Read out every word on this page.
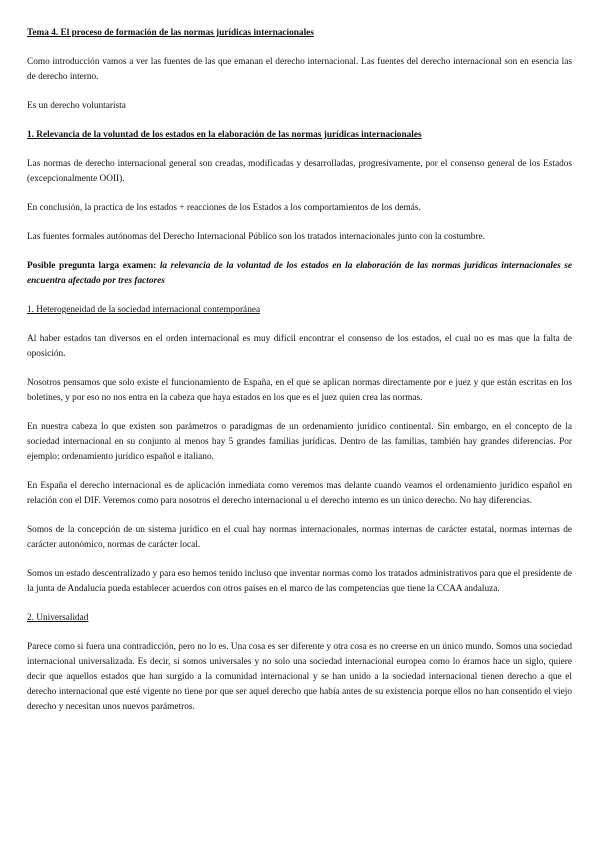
Tema 4. El proceso de formación de las normas jurídicas internacionales

Como introducción vamos a ver las fuentes de las que emanan el derecho internacional. Las fuentes del derecho internacional son en esencia las de derecho interno.

Es un derecho voluntarista

1. Relevancia de la voluntad de los estados en la elaboración de las normas jurídicas internacionales

Las normas de derecho internacional general son creadas, modificadas y desarrolladas, progresivamente, por el consenso general de los Estados (excepcionalmente OOII).

En conclusión, la practica de los estados + reacciones de los Estados a los comportamientos de los demás.

Las fuentes formales autónomas del Derecho Internacional Público son los tratados internacionales junto con la costumbre.

Posible pregunta larga examen: la relevancia de la voluntad de los estados en la elaboración de las normas jurídicas internacionales se encuentra afectado por tres factores

1. Heterogeneidad de la sociedad internacional contemporánea

Al haber estados tan diversos en el orden internacional es muy difícil encontrar el consenso de los estados, el cual no es mas que la falta de oposición.

Nosotros pensamos que solo existe el funcionamiento de España, en el que se aplican normas directamente por e juez y que están escritas en los boletines, y por eso no nos entra en la cabeza que haya estados en los que es el juez quien crea las normas.

En nuestra cabeza lo que existen son parámetros o paradigmas de un ordenamiento jurídico continental. Sin embargo, en el concepto de la sociedad internacional en su conjunto al menos hay 5 grandes familias jurídicas. Dentro de las familias, también hay grandes diferencias. Por ejemplo: ordenamiento jurídico español e italiano.

En España el derecho internacional es de aplicación inmediata como veremos mas delante cuando veamos el ordenamiento jurídico español en relación con el DIF. Veremos como para nosotros el derecho internacional u el derecho interno es un único derecho. No hay diferencias.

Somos de la concepción de un sistema jurídico en el cual hay normas internacionales, normas internas de carácter estatal, normas internas de carácter autonómico, normas de carácter local.

Somos un estado descentralizado y para eso hemos tenido incluso que inventar normas como los tratados administrativos para que el presidente de la junta de Andalucía pueda establecer acuerdos con otros países en el marco de las competencias que tiene la CCAA andaluza.

2. Universalidad

Parece como si fuera una contradicción, pero no lo es. Una cosa es ser diferente y otra cosa es no creerse en un único mundo. Somos una sociedad internacional universalizada. Es decir, si somos universales y no solo una sociedad internacional europea como lo éramos hace un siglo, quiere decir que aquellos estados que han surgido a la comunidad internacional y se han unido a la sociedad internacional tienen derecho a que el derecho internacional que esté vigente no tiene por que ser aquel derecho que había antes de su existencia porque ellos no han consentido el viejo derecho y necesitan unos nuevos parámetros.
